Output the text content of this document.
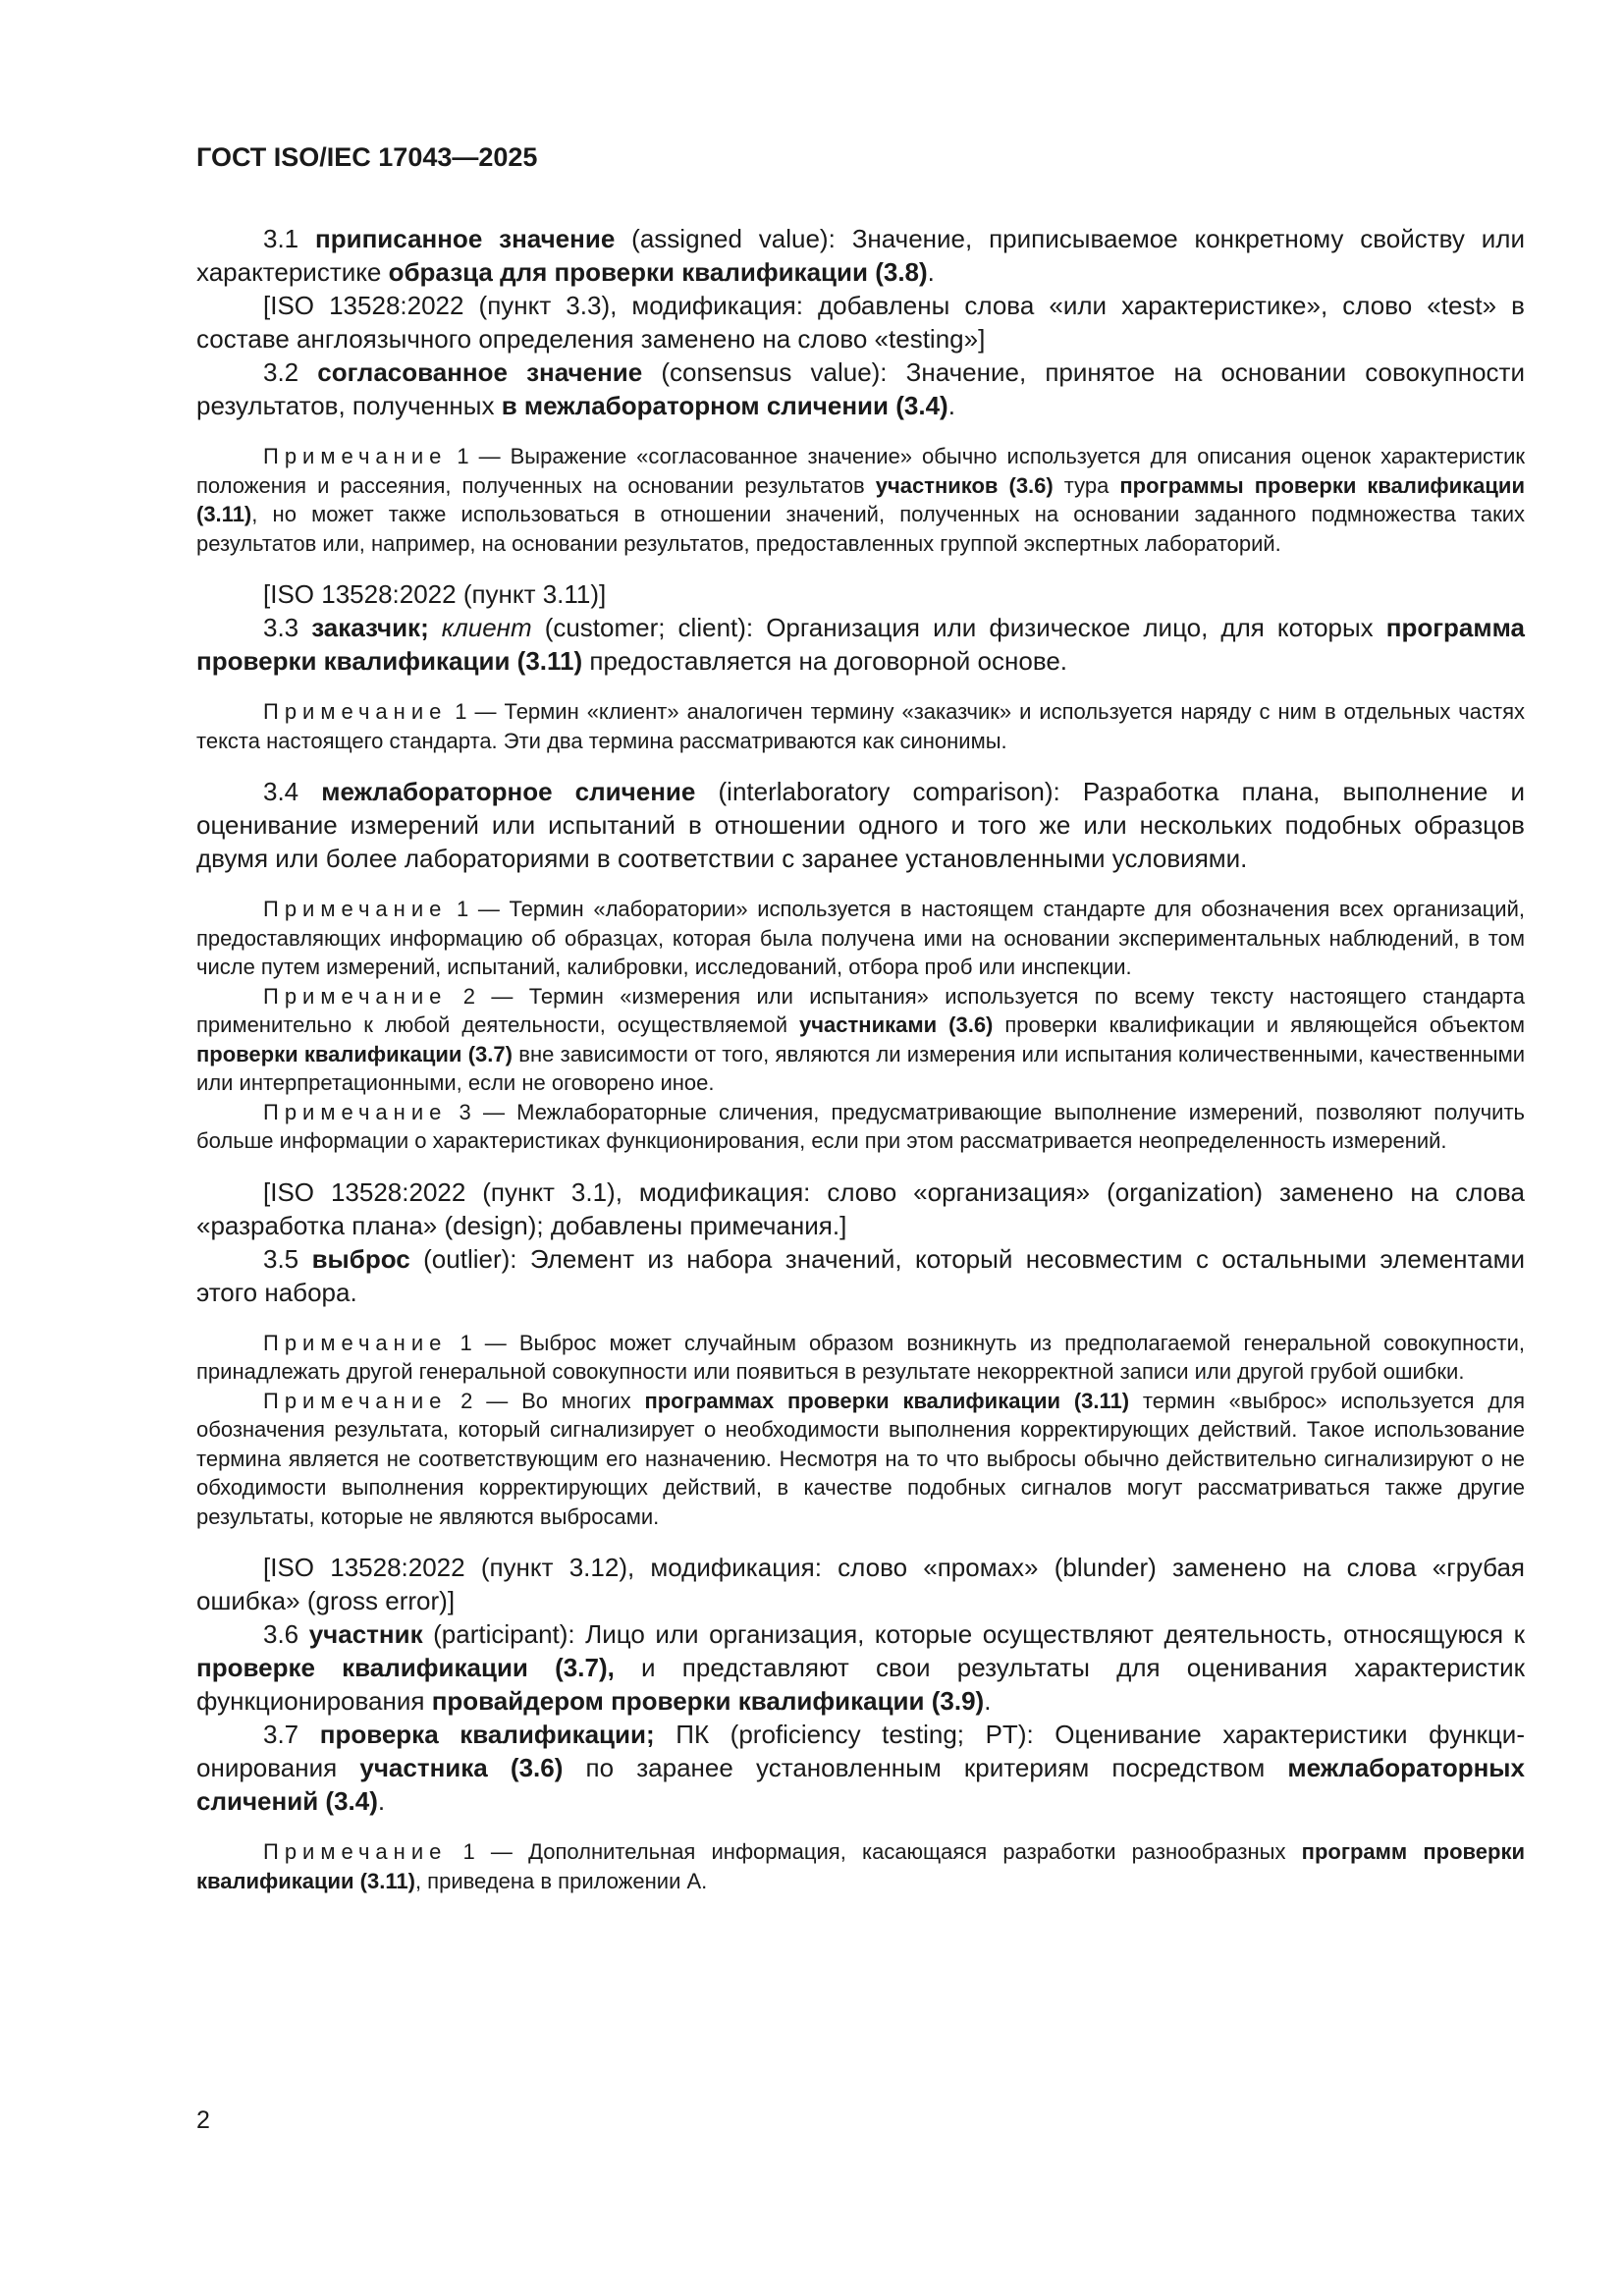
ГОСТ ISO/IEC 17043—2025

3.1 приписанное значение (assigned value): Значение, приписываемое конкретному свойству или характеристике образца для проверки квалификации (3.8).

[ISO 13528:2022 (пункт 3.3), модификация: добавлены слова «или характеристике», слово «test» в составе англоязычного определения заменено на слово «testing»]

3.2 согласованное значение (consensus value): Значение, принятое на основании совокупности результатов, полученных в межлабораторном сличении (3.4).

Примечание 1 — Выражение «согласованное значение» обычно используется для описания оценок характеристик положения и рассеяния, полученных на основании результатов участников (3.6) тура программы проверки квалификации (3.11), но может также использоваться в отношении значений, полученных на основании заданного подмножества таких результатов или, например, на основании результатов, предоставленных группой экспертных лабораторий.

[ISO 13528:2022 (пункт 3.11)]

3.3 заказчик; клиент (customer; client): Организация или физическое лицо, для которых программа проверки квалификации (3.11) предоставляется на договорной основе.

Примечание 1 — Термин «клиент» аналогичен термину «заказчик» и используется наряду с ним в отдельных частях текста настоящего стандарта. Эти два термина рассматриваются как синонимы.

3.4 межлабораторное сличение (interlaboratory comparison): Разработка плана, выполнение и оценивание измерений или испытаний в отношении одного и того же или нескольких подобных образцов двумя или более лабораториями в соответствии с заранее установленными условиями.

Примечание 1 — Термин «лаборатории» используется в настоящем стандарте для обозначения всех организаций, предоставляющих информацию об образцах, которая была получена ими на основании экспериментальных наблюдений, в том числе путем измерений, испытаний, калибровки, исследований, отбора проб или инспекции.

Примечание 2 — Термин «измерения или испытания» используется по всему тексту настоящего стандарта применительно к любой деятельности, осуществляемой участниками (3.6) проверки квалификации и являющейся объектом проверки квалификации (3.7) вне зависимости от того, являются ли измерения или испытания количественными, качественными или интерпретационными, если не оговорено иное.

Примечание 3 — Межлабораторные сличения, предусматривающие выполнение измерений, позволяют получить больше информации о характеристиках функционирования, если при этом рассматривается неопределенность измерений.

[ISO 13528:2022 (пункт 3.1), модификация: слово «организация» (organization) заменено на слова «разработка плана» (design); добавлены примечания.]

3.5 выброс (outlier): Элемент из набора значений, который несовместим с остальными элементами этого набора.

Примечание 1 — Выброс может случайным образом возникнуть из предполагаемой генеральной совокупности, принадлежать другой генеральной совокупности или появиться в результате некорректной записи или другой грубой ошибки.

Примечание 2 — Во многих программах проверки квалификации (3.11) термин «выброс» используется для обозначения результата, который сигнализирует о необходимости выполнения корректирующих действий. Такое использование термина является не соответствующим его назначению. Несмотря на то что выбросы обычно действительно сигнализируют о не обходимости выполнения корректирующих действий, в качестве подобных сигналов могут рассматриваться также другие результаты, которые не являются выбросами.

[ISO 13528:2022 (пункт 3.12), модификация: слово «промах» (blunder) заменено на слова «грубая ошибка» (gross error)]

3.6 участник (participant): Лицо или организация, которые осуществляют деятельность, относящуюся к проверке квалификации (3.7), и представляют свои результаты для оценивания характеристик функционирования провайдером проверки квалификации (3.9).

3.7 проверка квалификации; ПК (proficiency testing; PT): Оценивание характеристики функционирования участника (3.6) по заранее установленным критериям посредством межлабораторных сличений (3.4).

Примечание 1 — Дополнительная информация, касающаяся разработки разнообразных программ проверки квалификации (3.11), приведена в приложении А.

2
